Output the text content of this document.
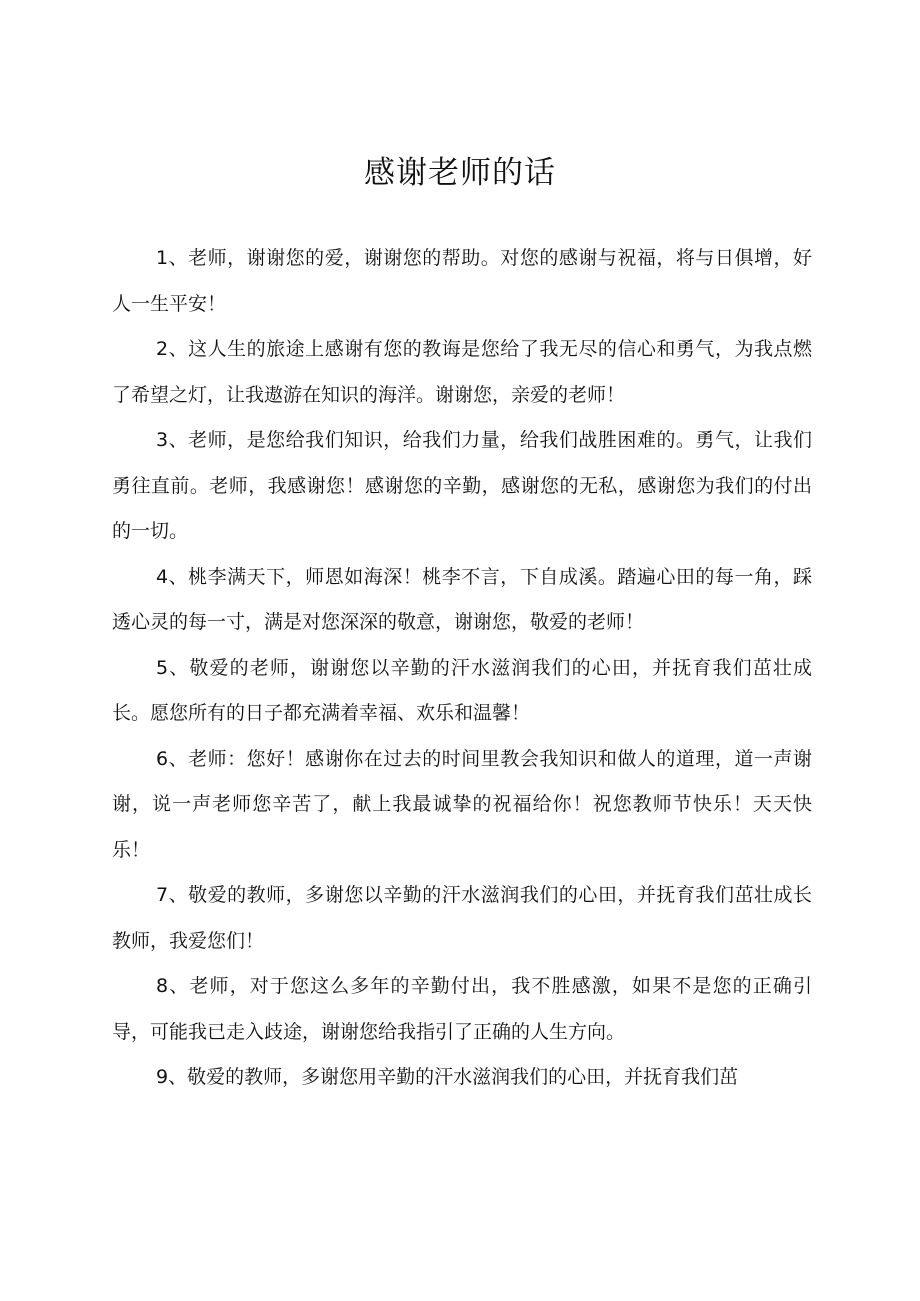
感谢老师的话

1、老师，谢谢您的爱，谢谢您的帮助。对您的感谢与祝福，将与日俱增，好人一生平安！

2、这人生的旅途上感谢有您的教诲是您给了我无尽的信心和勇气，为我点燃了希望之灯，让我遨游在知识的海洋。谢谢您，亲爱的老师！

3、老师，是您给我们知识，给我们力量，给我们战胜困难的。勇气，让我们勇往直前。老师，我感谢您！感谢您的辛勤，感谢您的无私，感谢您为我们的付出的一切。

4、桃李满天下，师恩如海深！桃李不言，下自成溪。踏遍心田的每一角，踩透心灵的每一寸，满是对您深深的敬意，谢谢您，敬爱的老师！

5、敬爱的老师，谢谢您以辛勤的汗水滋润我们的心田，并抚育我们茁壮成长。愿您所有的日子都充满着幸福、欢乐和温馨！

6、老师：您好！感谢你在过去的时间里教会我知识和做人的道理，道一声谢谢，说一声老师您辛苦了，献上我最诚挚的祝福给你！祝您教师节快乐！天天快乐！

7、敬爱的教师，多谢您以辛勤的汗水滋润我们的心田，并抚育我们茁壮成长教师，我爱您们！

8、老师，对于您这么多年的辛勤付出，我不胜感激，如果不是您的正确引导，可能我已走入歧途，谢谢您给我指引了正确的人生方向。

9、敬爱的教师，多谢您用辛勤的汗水滋润我们的心田，并抚育我们茁
